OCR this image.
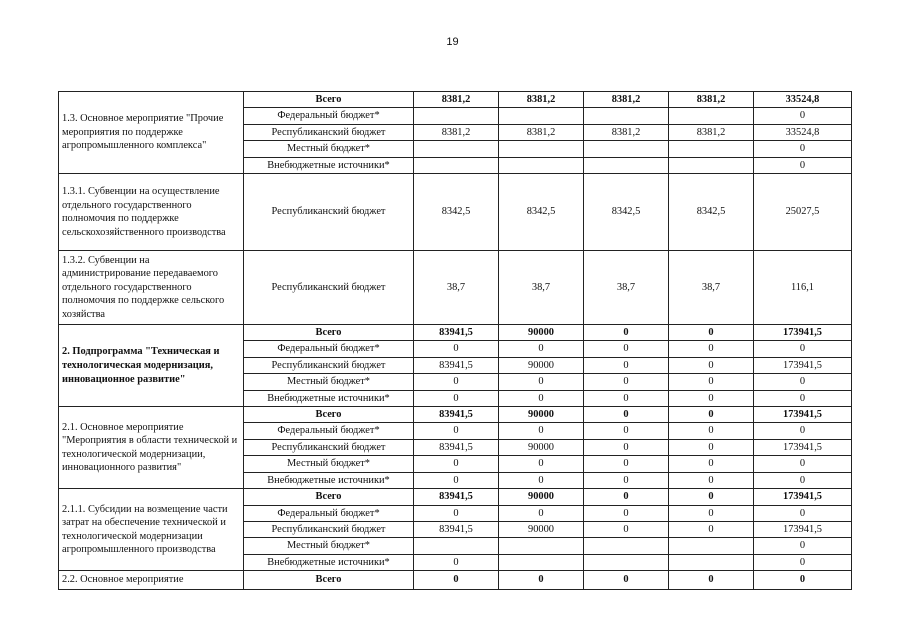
19
1.3. Основное мероприятие "Прочие мероприятия по поддержке агропромышленного комплекса"	Всего	8381,2	8381,2	8381,2	8381,2	33524,8
	Федеральный бюджет*					0
	Республиканский бюджет	8381,2	8381,2	8381,2	8381,2	33524,8
	Местный бюджет*					0
	Внебюджетные источники*					0
1.3.1. Субвенции на осуществление отдельного государственного полномочия по поддержке сельскохозяйственного производства	Республиканский бюджет	8342,5	8342,5	8342,5	8342,5	25027,5
1.3.2. Субвенции на администрирование передаваемого отдельного государственного полномочия по поддержке сельского хозяйства	Республиканский бюджет	38,7	38,7	38,7	38,7	116,1
2. Подпрограмма "Техническая и технологическая модернизация, инновационное развитие"	Всего	83941,5	90000	0	0	173941,5
	Федеральный бюджет*	0	0	0	0	0
	Республиканский бюджет	83941,5	90000	0	0	173941,5
	Местный бюджет*	0	0	0	0	0
	Внебюджетные источники*	0	0	0	0	0
2.1. Основное мероприятие "Мероприятия в области технической и технологической модернизации, инновационного развития"	Всего	83941,5	90000	0	0	173941,5
	Федеральный бюджет*	0	0	0	0	0
	Республиканский бюджет	83941,5	90000	0	0	173941,5
	Местный бюджет*	0	0	0	0	0
	Внебюджетные источники*	0	0	0	0	0
2.1.1. Субсидии на возмещение части затрат на обеспечение технической и технологической модернизации агропромышленного производства	Всего	83941,5	90000	0	0	173941,5
	Федеральный бюджет*	0	0	0	0	0
	Республиканский бюджет	83941,5	90000	0	0	173941,5
	Местный бюджет*					0
	Внебюджетные источники*	0				0
2.2. Основное мероприятие	Всего	0	0	0	0	0
